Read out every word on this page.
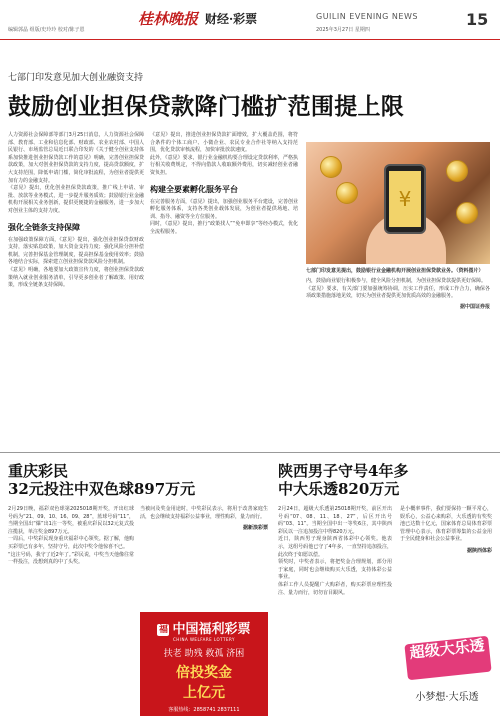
编辑郭晶 组版/史玲玲 校对/陈子恩
桂林晚报 财经·彩票	GUILIN EVENING NEWS
2025年3月27日 星期四
15
七部门印发意见加大创业融资支持
鼓励创业担保贷款降门槛扩范围提上限

人力资源社会保障部等部门3月25日消息，人力资源社会保障部、教育部、工业和信息化部、财政部、农业农村部、中国人民银行、市场监管总局近日联合印发的《关于健全创业支持体系加快推进创业担保贷款工作的意见》明确，完善创业担保贷款政策，加大对创业担保贷款的支持力度，提高贷款额度，扩大支持范围，降低申请门槛，简化审批流程，为创业者提供更加有力的金融支持。

《意见》提出，优化创业担保贷款政策，推广线上申请、审批、放款等业务模式，进一步提升服务质效；鼓励银行业金融机构开展相关业务创新，提供更便捷的金融服务，进一步加大对创业主体的支持力度。

强化全链条支持保障

在加强政策保障方面，《意见》提出，强化创业担保贷款财政支持，落实贴息政策，加大资金支持力度；强化风险分担补偿机制，完善担保基金管理制度，提高担保基金使用效率；鼓励各地结合实际，探索建立创业担保贷款风险分担机制。

《意见》明确，各地要加大政策宣传力度，将创业担保贷款政策纳入就业创业服务清单，引导更多创业者了解政策、用好政策，形成全链条支持保障。

《意见》提出，推进创业担保贷款扩面增效，扩大覆盖范围，将符合条件的个体工商户、小微企业、农民专业合作社等纳入支持范围，优化贷款审核流程，加快审批放款速度。

此外，《意见》要求，银行业金融机构要合理设定贷款利率，严格执行相关收费规定，不得向借款人收取额外费用，切实减轻创业者融资负担。

构建全要素孵化服务平台

在完善服务方面，《意见》提出，加强创业服务平台建设，完善创业孵化服务体系，支持各类创业载体发展，为创业者提供场地、培训、指导、融资等全方位服务。

同时，《意见》提出，推行“政策找人”“免申即享”等经办模式，优化全流程服务。

¥
七部门印发意见提出，鼓励银行业金融机构开展创业担保贷款业务。（资料图片）

内，鼓励商业银行积极参与，健全风险分担机制，为创业担保贷款提供更好保障。

《意见》要求，有关部门要加强统筹协调，压实工作责任，形成工作合力，确保各项政策措施落地见效，切实为创业者提供更加优质高效的金融服务。

据中国证券报
重庆彩民
32元投注中双色球897万元

2月29日晚，福彩双色球第2025018期开奖，开出红球号码为“21、09、10、16、09、28”，蓝球号码“11”，当期全国出“爆”出1注一等奖，被重庆彩民以32元复式投注揽获，单注奖金897万元。

一周后，中奖彩民现身重庆福彩中心领奖。据了解，他购买彩票已有多年，坚持守号，此次中奖令他惊喜不已。

“这注号码，我守了近2年了。”彩民说，中奖当天他像往常一样投注，没想到真的中了头奖。

当被问及奖金用途时，中奖彩民表示，将用于改善家庭生活，也会继续支持福彩公益事业，理性购彩，量力而行。

据新浪彩票
福 中国福利彩票
CHINA WELFARE LOTTERY
扶老 助残 救孤 济困
倍投奖金
上亿元
客服热线：2858741 2837111
陕西男子守号4年多
中大乐透820万元

2月24日，超级大乐透第25018期开奖，前区开出号码“07、08、11、18、27”，后区开出号码“03、11”。当期全国中出一等奖6注，其中陕西彩民以一注追加投注中得820万元。

近日，陕西男子现身陕西省体彩中心领奖。他表示，这组号码他已守了4年多，一直坚持追加投注，此次终于如愿以偿。

领奖时，中奖者表示，将把奖金合理规划，部分用于家庭，同时也会继续购买大乐透，支持体彩公益事业。

体彩工作人员提醒广大购彩者，购买彩票应理性投注、量力而行，切勿盲目跟风。

是小概率事件，我们要保持一颗平常心，娱乐心，公益心来购彩，大乐透的有奖奖池已达数十亿元，国家体育总局体育彩票管理中心表示，体育彩票筹集的公益金用于全民健身和社会公益事业。

据陕西体彩
超级大乐透
小梦想·大乐透
